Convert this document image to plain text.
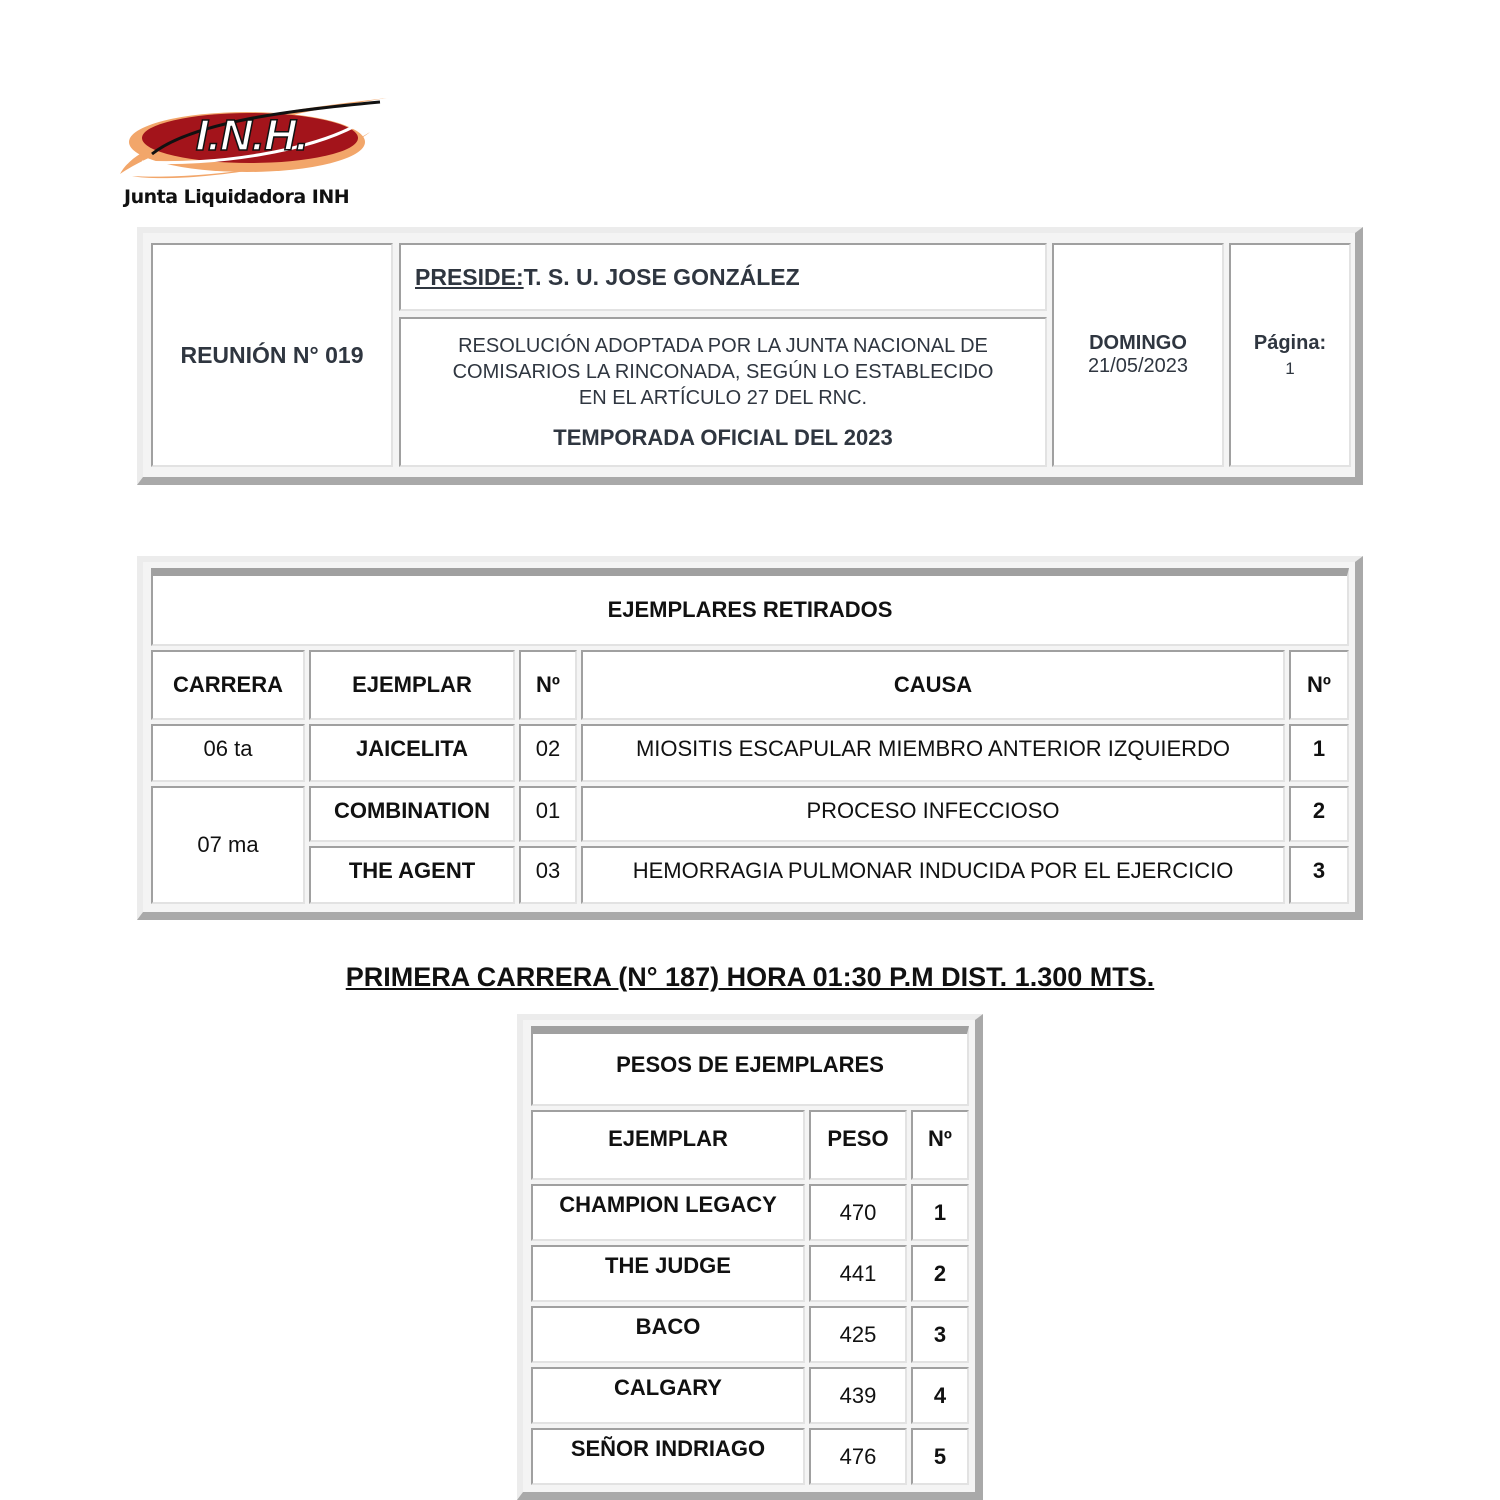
I.N.H.
Junta Liquidadora INH
REUNIÓN N° 019
PRESIDE: T. S. U. JOSE GONZÁLEZ
RESOLUCIÓN ADOPTADA POR LA JUNTA NACIONAL DE
COMISARIOS LA RINCONADA, SEGÚN LO ESTABLECIDO
EN EL ARTÍCULO 27 DEL RNC.
TEMPORADA OFICIAL DEL 2023
DOMINGO
21/05/2023
Página:
1
EJEMPLARES RETIRADOS
CARRERA	EJEMPLAR	Nº	CAUSA	Nº
06 ta	JAICELITA	02	MIOSITIS ESCAPULAR MIEMBRO ANTERIOR IZQUIERDO	1
07 ma
COMBINATION 01	PROCESO INFECCIOSO	2
THE AGENT	03	HEMORRAGIA PULMONAR INDUCIDA POR EL EJERCICIO	3
PRIMERA CARRERA (N° 187) HORA 01:30 P.M DIST. 1.300 MTS.
PESOS DE EJEMPLARES
EJEMPLAR	PESO Nº
CHAMPION LEGACY	470	1
THE JUDGE	441	2
BACO	425	3
CALGARY	439	4
SEÑOR INDRIAGO	476	5
